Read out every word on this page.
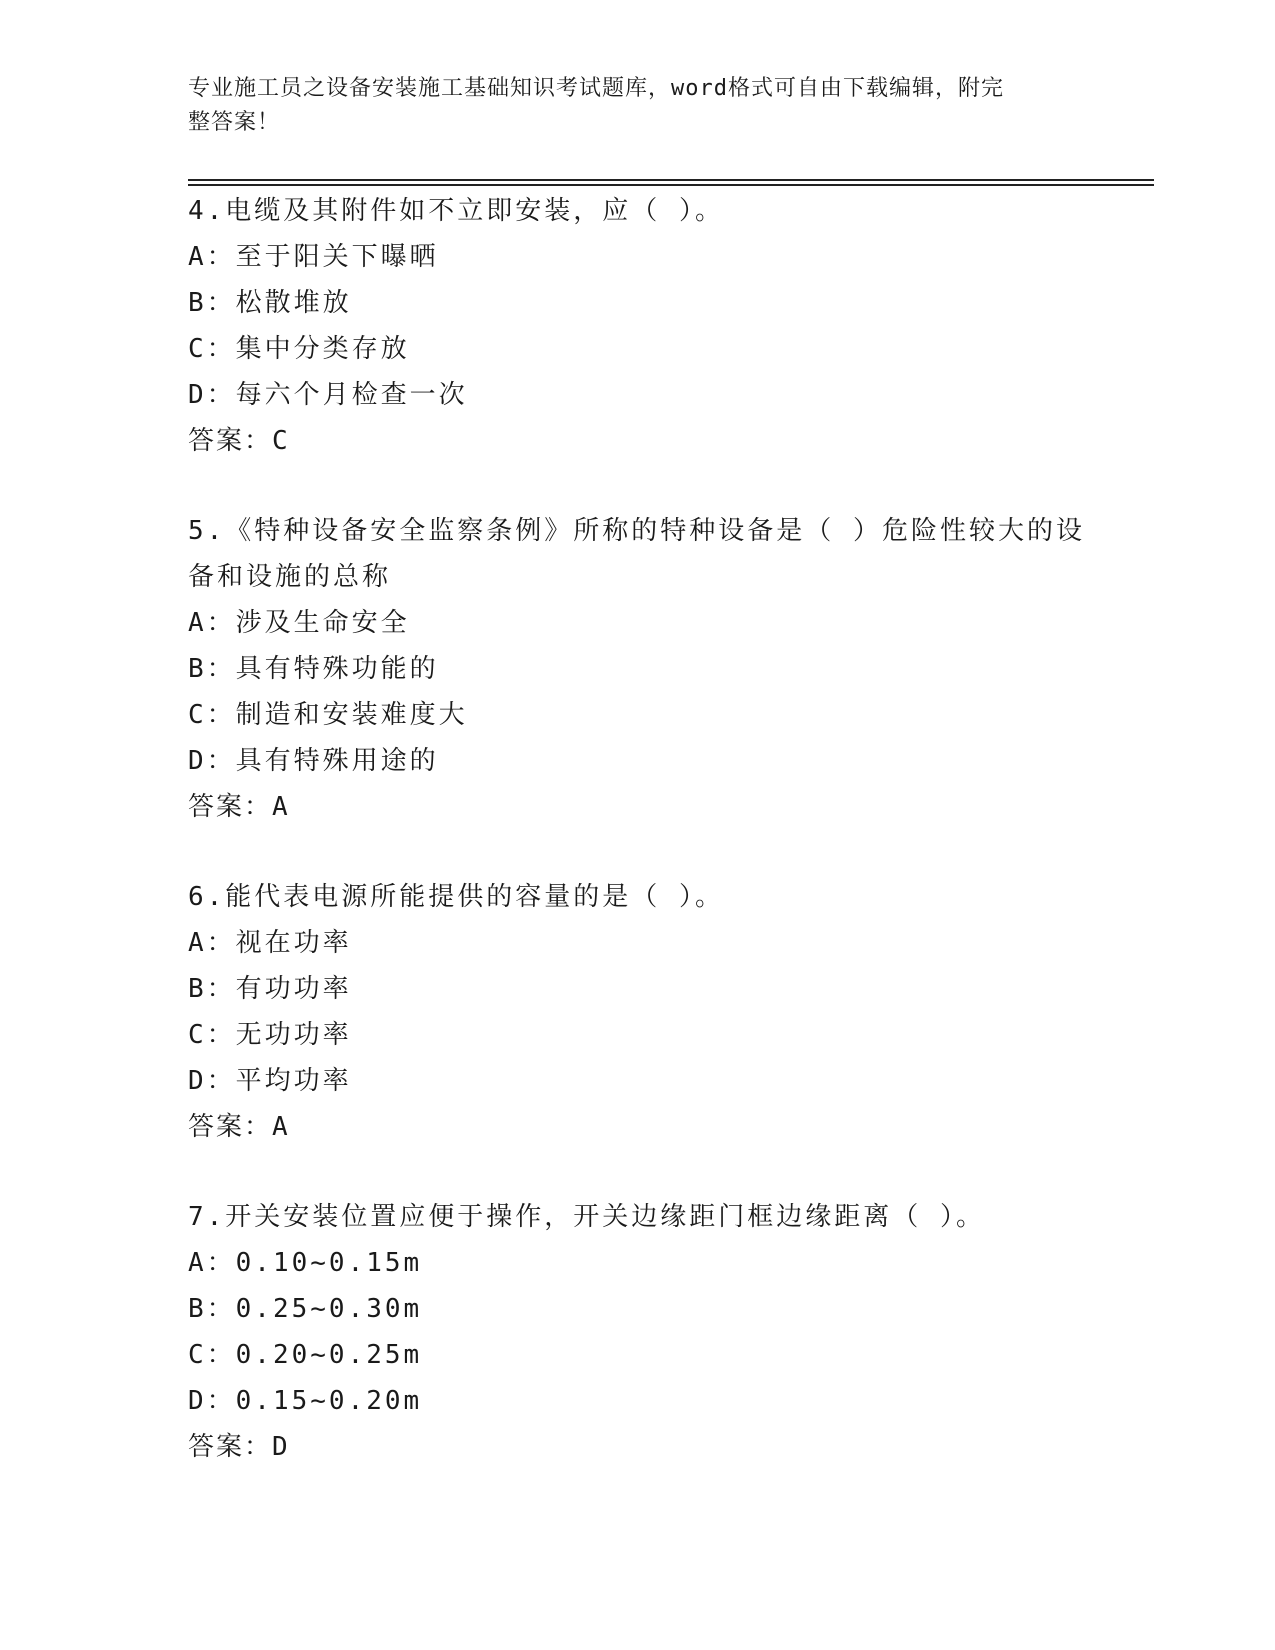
专业施工员之设备安装施工基础知识考试题库，word格式可自由下载编辑，附完
整答案！
4.电缆及其附件如不立即安装，应（ ）。
A：至于阳关下曝晒
B：松散堆放
C：集中分类存放
D：每六个月检查一次
答案：C
5.《特种设备安全监察条例》所称的特种设备是（ ）危险性较大的设
备和设施的总称
A：涉及生命安全
B：具有特殊功能的
C：制造和安装难度大
D：具有特殊用途的
答案：A
6.能代表电源所能提供的容量的是（ ）。
A：视在功率
B：有功功率
C：无功功率
D：平均功率
答案：A
7.开关安装位置应便于操作，开关边缘距门框边缘距离（ ）。
A：0.10~0.15m
B：0.25~0.30m
C：0.20~0.25m
D：0.15~0.20m
答案：D
